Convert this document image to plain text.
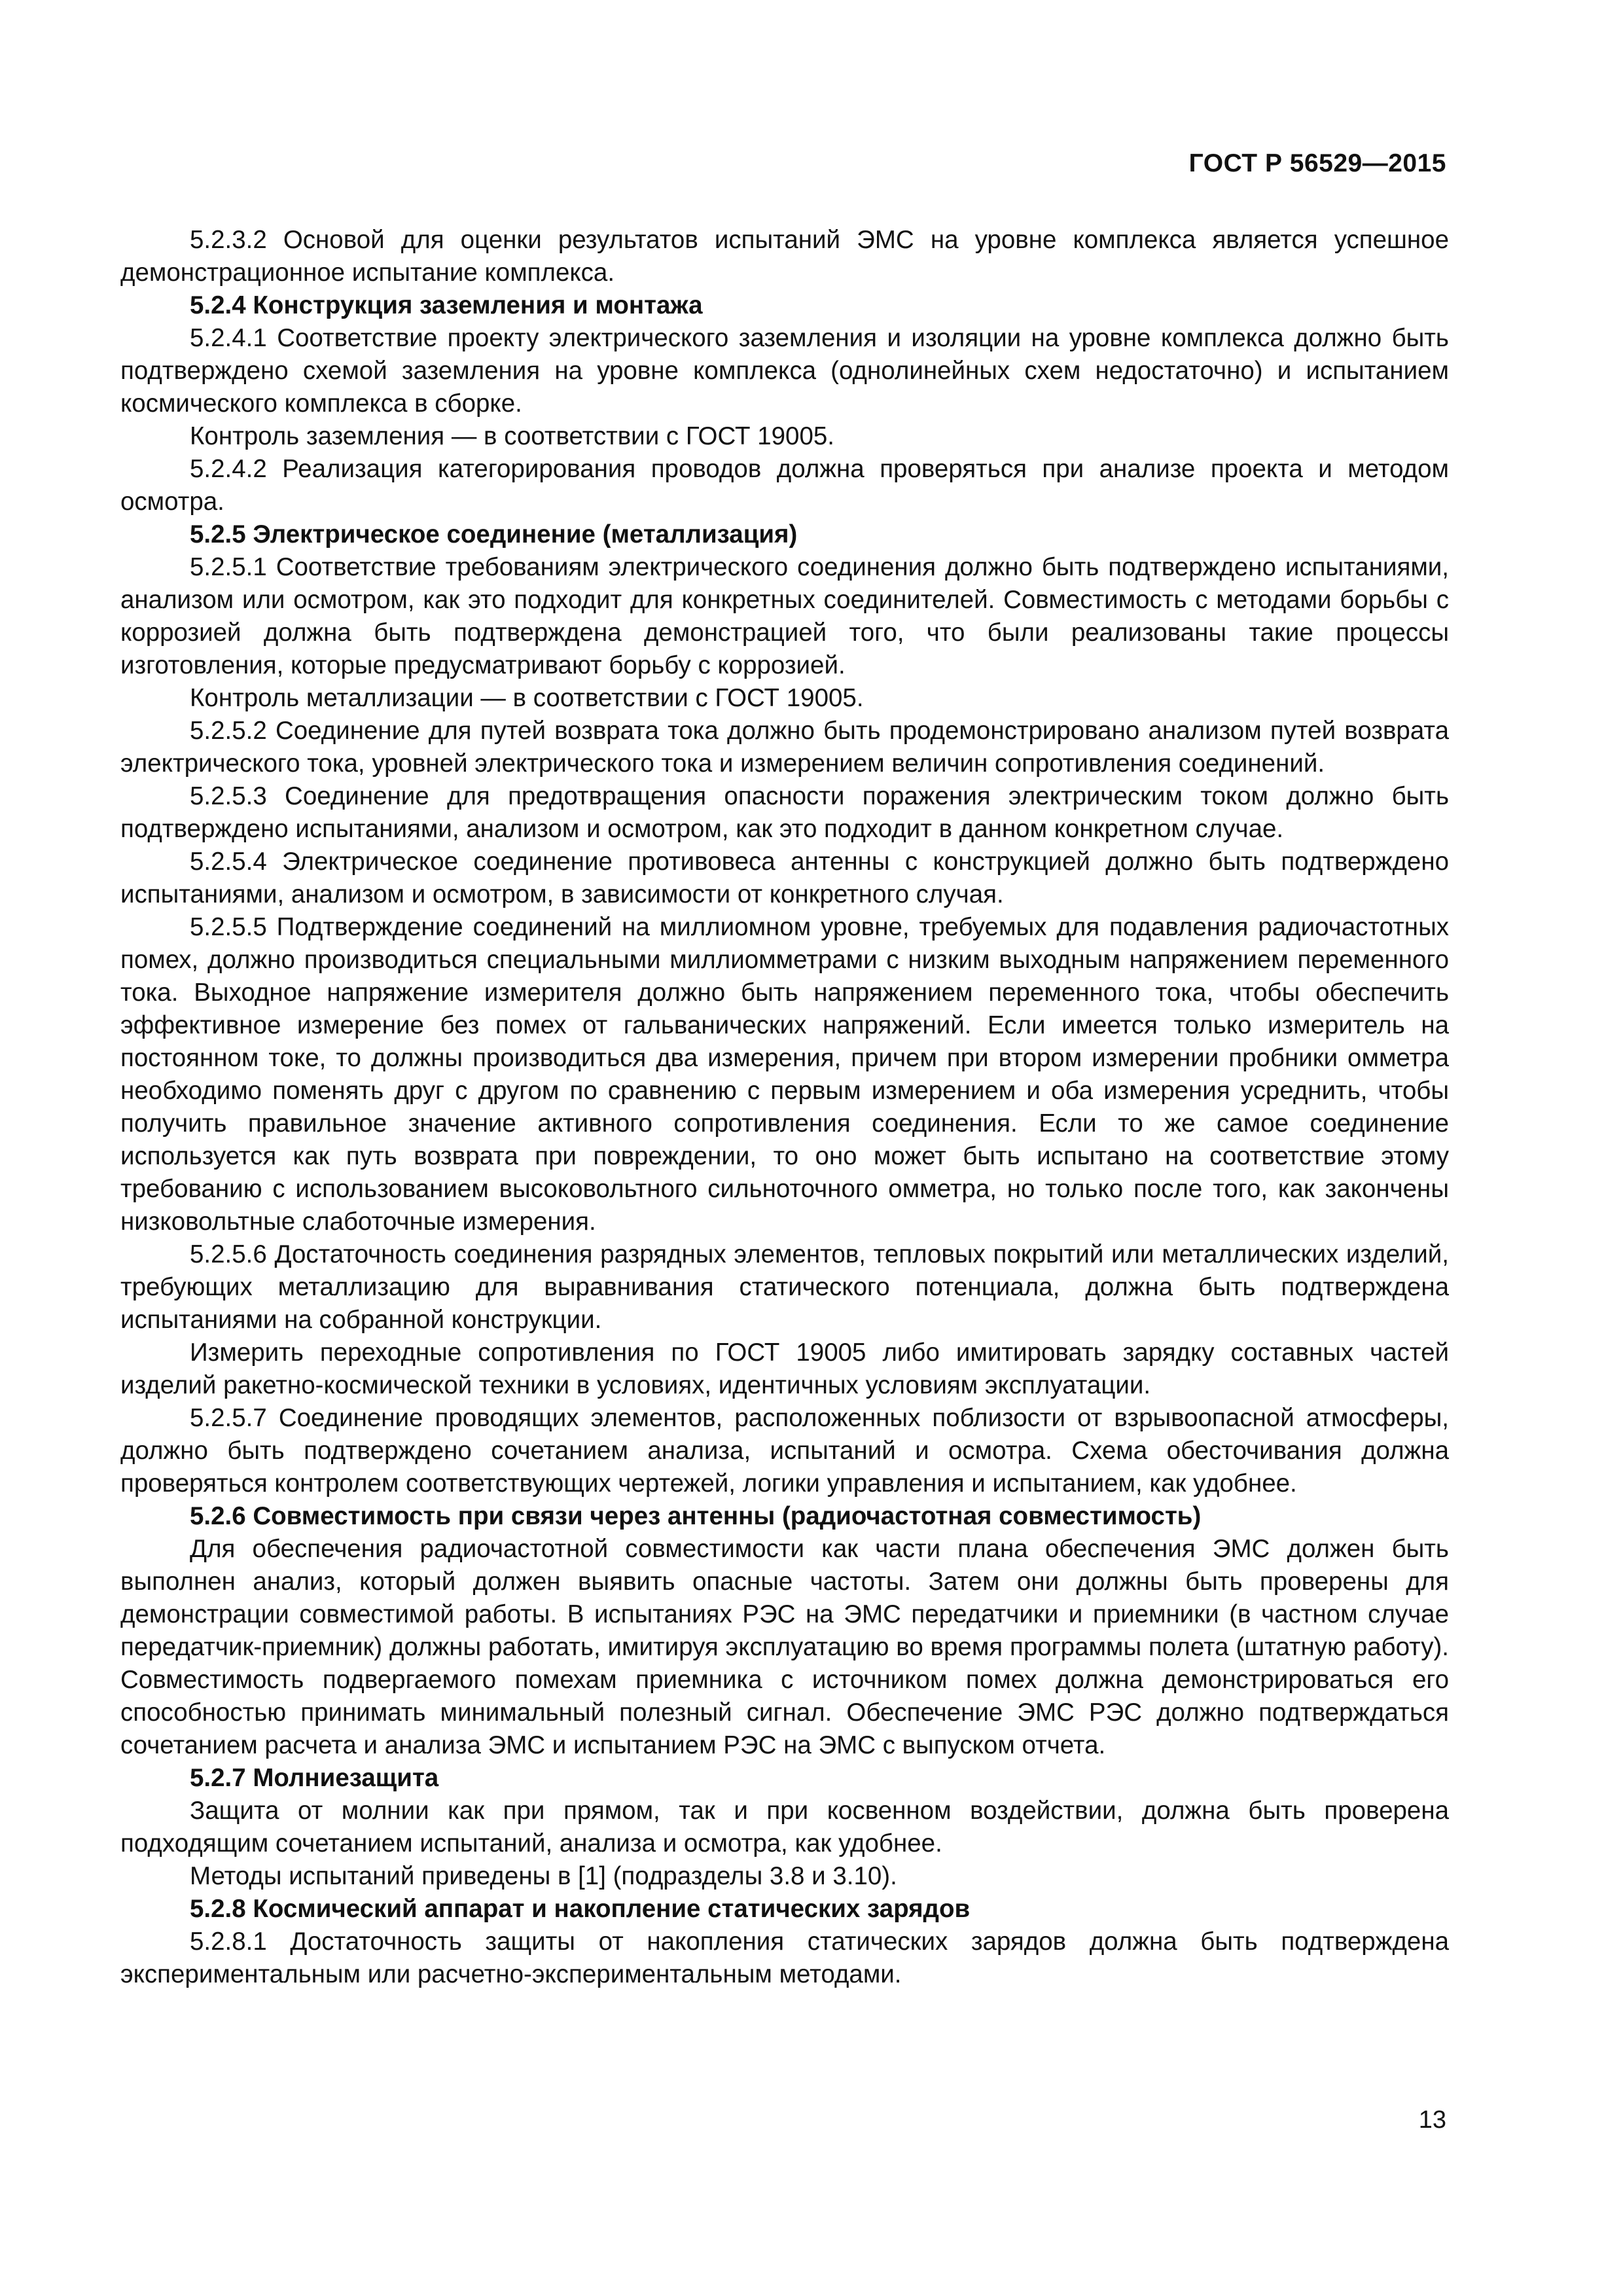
ГОСТ Р 56529—2015

5.2.3.2 Основой для оценки результатов испытаний ЭМС на уровне комплекса является успешное демонстрационное испытание комплекса.

5.2.4 Конструкция заземления и монтажа

5.2.4.1 Соответствие проекту электрического заземления и изоляции на уровне комплекса должно быть подтверждено схемой заземления на уровне комплекса (однолинейных схем недостаточно) и испытанием космического комплекса в сборке.

Контроль заземления — в соответствии с ГОСТ 19005.

5.2.4.2 Реализация категорирования проводов должна проверяться при анализе проекта и методом осмотра.

5.2.5 Электрическое соединение (металлизация)

5.2.5.1 Соответствие требованиям электрического соединения должно быть подтверждено испытаниями, анализом или осмотром, как это подходит для конкретных соединителей. Совместимость с методами борьбы с коррозией должна быть подтверждена демонстрацией того, что были реализованы такие процессы изготовления, которые предусматривают борьбу с коррозией.

Контроль металлизации — в соответствии с ГОСТ 19005.

5.2.5.2 Соединение для путей возврата тока должно быть продемонстрировано анализом путей возврата электрического тока, уровней электрического тока и измерением величин сопротивления соединений.

5.2.5.3 Соединение для предотвращения опасности поражения электрическим током должно быть подтверждено испытаниями, анализом и осмотром, как это подходит в данном конкретном случае.

5.2.5.4 Электрическое соединение противовеса антенны с конструкцией должно быть подтверждено испытаниями, анализом и осмотром, в зависимости от конкретного случая.

5.2.5.5 Подтверждение соединений на миллиомном уровне, требуемых для подавления радиочастотных помех, должно производиться специальными миллиомметрами с низким выходным напряжением переменного тока. Выходное напряжение измерителя должно быть напряжением переменного тока, чтобы обеспечить эффективное измерение без помех от гальванических напряжений. Если имеется только измеритель на постоянном токе, то должны производиться два измерения, причем при втором измерении пробники омметра необходимо поменять друг с другом по сравнению с первым измерением и оба измерения усреднить, чтобы получить правильное значение активного сопротивления соединения. Если то же самое соединение используется как путь возврата при повреждении, то оно может быть испытано на соответствие этому требованию с использованием высоковольтного сильноточного омметра, но только после того, как закончены низковольтные слаботочные измерения.

5.2.5.6 Достаточность соединения разрядных элементов, тепловых покрытий или металлических изделий, требующих металлизацию для выравнивания статического потенциала, должна быть подтверждена испытаниями на собранной конструкции.

Измерить переходные сопротивления по ГОСТ 19005 либо имитировать зарядку составных частей изделий ракетно-космической техники в условиях, идентичных условиям эксплуатации.

5.2.5.7 Соединение проводящих элементов, расположенных поблизости от взрывоопасной атмосферы, должно быть подтверждено сочетанием анализа, испытаний и осмотра. Схема обесточивания должна проверяться контролем соответствующих чертежей, логики управления и испытанием, как удобнее.

5.2.6 Совместимость при связи через антенны (радиочастотная совместимость)

Для обеспечения радиочастотной совместимости как части плана обеспечения ЭМС должен быть выполнен анализ, который должен выявить опасные частоты. Затем они должны быть проверены для демонстрации совместимой работы. В испытаниях РЭС на ЭМС передатчики и приемники (в частном случае передатчик-приемник) должны работать, имитируя эксплуатацию во время программы полета (штатную работу). Совместимость подвергаемого помехам приемника с источником помех должна демонстрироваться его способностью принимать минимальный полезный сигнал. Обеспечение ЭМС РЭС должно подтверждаться сочетанием расчета и анализа ЭМС и испытанием РЭС на ЭМС с выпуском отчета.

5.2.7 Молниезащита

Защита от молнии как при прямом, так и при косвенном воздействии, должна быть проверена подходящим сочетанием испытаний, анализа и осмотра, как удобнее.

Методы испытаний приведены в [1] (подразделы 3.8 и 3.10).

5.2.8 Космический аппарат и накопление статических зарядов

5.2.8.1 Достаточность защиты от накопления статических зарядов должна быть подтверждена экспериментальным или расчетно-экспериментальным методами.

13
